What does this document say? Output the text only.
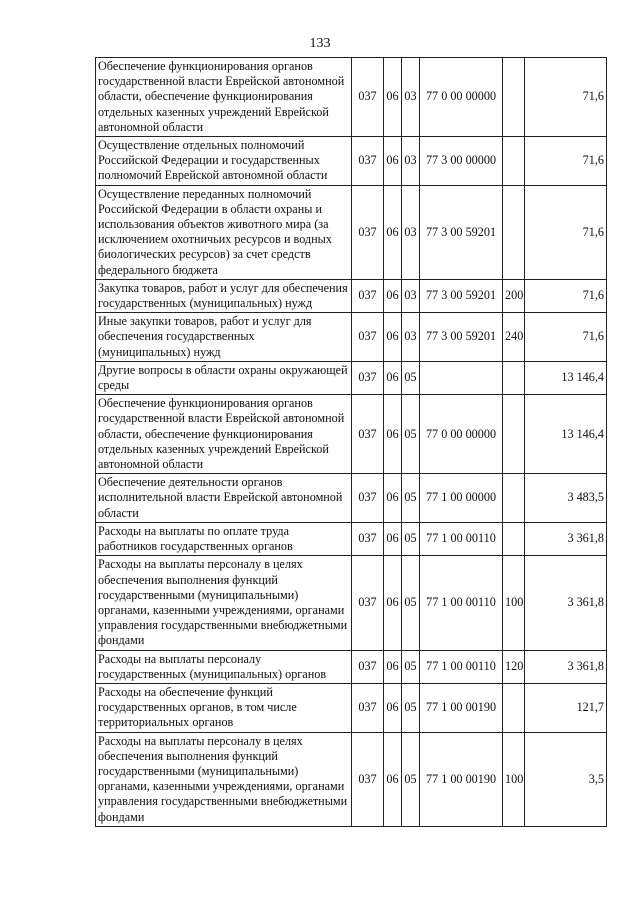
133
Обеспечение функционирования органов государственной власти Еврейской автономной области, обеспечение функционирования отдельных казенных учреждений Еврейской автономной области	037	06	03	77 0 00 00000		71,6
Осуществление отдельных полномочий Российской Федерации и государственных полномочий Еврейской автономной области	037	06	03	77 3 00 00000		71,6
Осуществление переданных полномочий Российской Федерации в области охраны и использования объектов животного мира (за исключением охотничьих ресурсов и водных биологических ресурсов) за счет средств федерального бюджета	037	06	03	77 3 00 59201		71,6
Закупка товаров, работ и услуг для обеспечения государственных (муниципальных) нужд	037	06	03	77 3 00 59201	200	71,6
Иные закупки товаров, работ и услуг для обеспечения государственных (муниципальных) нужд	037	06	03	77 3 00 59201	240	71,6
Другие вопросы в области охраны окружающей среды	037	06	05			13 146,4
Обеспечение функционирования органов государственной власти Еврейской автономной области, обеспечение функционирования отдельных казенных учреждений Еврейской автономной области	037	06	05	77 0 00 00000		13 146,4
Обеспечение деятельности органов исполнительной власти Еврейской автономной области	037	06	05	77 1 00 00000		3 483,5
Расходы на выплаты по оплате труда работников государственных органов	037	06	05	77 1 00 00110		3 361,8
Расходы на выплаты персоналу в целях обеспечения выполнения функций государственными (муниципальными) органами, казенными учреждениями, органами управления государственными внебюджетными фондами	037	06	05	77 1 00 00110	100	3 361,8
Расходы на выплаты персоналу государственных (муниципальных) органов	037	06	05	77 1 00 00110	120	3 361,8
Расходы на обеспечение функций государственных органов, в том числе территориальных органов	037	06	05	77 1 00 00190		121,7
Расходы на выплаты персоналу в целях обеспечения выполнения функций государственными (муниципальными) органами, казенными учреждениями, органами управления государственными внебюджетными фондами	037	06	05	77 1 00 00190	100	3,5
